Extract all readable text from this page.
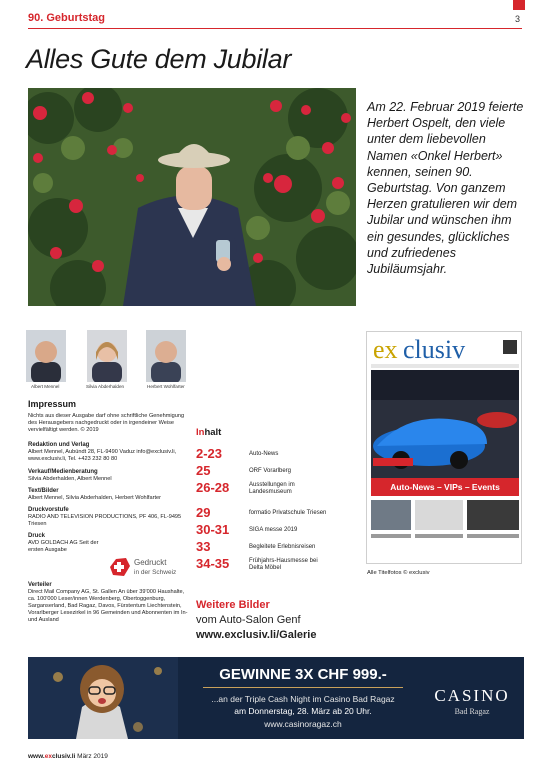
90. Geburtstag	3
Alles Gute dem Jubilar
Am 22. Februar 2019 feierte Herbert Ospelt, den viele unter dem liebevollen Namen «Onkel Herbert» kennen, seinen 90. Geburtstag. Von ganzem Herzen gratulieren wir dem Jubilar und wünschen ihm ein gesundes, glückliches und zufriedenes Jubiläumsjahr.
Albert Mennel	Silvia Abderhalden	Herbert Wohlfarter
Impressum
Nichts aus dieser Ausgabe darf ohne schriftliche Genehmigung des Herausgebers nachgedruckt oder in irgendeiner Weise vervielfältigt werden. © 2019
Redaktion und Verlag
Albert Mennel, Aubündt 28, FL-9490 Vaduz info@exclusiv.li, www.exclusiv.li, Tel. +423 232 80 80
Verkauf/Medienberatung
Silvia Abderhalden, Albert Mennel
Text/Bilder
Albert Mennel, Silvia Abderhalden, Herbert Wohlfarter
Druckvorstufe
RADIO AND TELEVISION PRODUCTIONS, PF 406, FL-9495 Triesen
Druck
AVD GOLDACH AG Seit der ersten Ausgabe
Verteiler
Direct Mail Company AG, St. Gallen An über 39'000 Haushalte, ca. 100'000 Leser/innen Werdenberg, Obertoggenburg, Sarganserland, Bad Ragaz, Davos, Fürstentum Liechtenstein, Vorarlberger Lesezirkel in 96 Gemeinden und Abonnenten im In- und Ausland
Gedruckt
in der Schweiz
Inhalt
2-23	Auto-News
25	ORF Vorarlberg
26-28	Ausstellungen im Landesmuseum
29	formatio Privatschule Triesen
30-31	SIGA messe 2019
33	Begleitete Erlebnisreisen
34-35	Frühjahrs-Hausmesse bei Delta Möbel
Weitere Bilder
vom Auto-Salon Genf
www.exclusiv.li/Galerie
ex clusiv
Auto-News – VIPs – Events
Alle Titelfotos © exclusiv
GEWINNE 3X CHF 999.-
...an der Triple Cash Night im Casino Bad Ragaz
am Donnerstag, 28. März ab 20 Uhr.
www.casinoragaz.ch
CASINO
Bad Ragaz
www.exclusiv.li März 2019
